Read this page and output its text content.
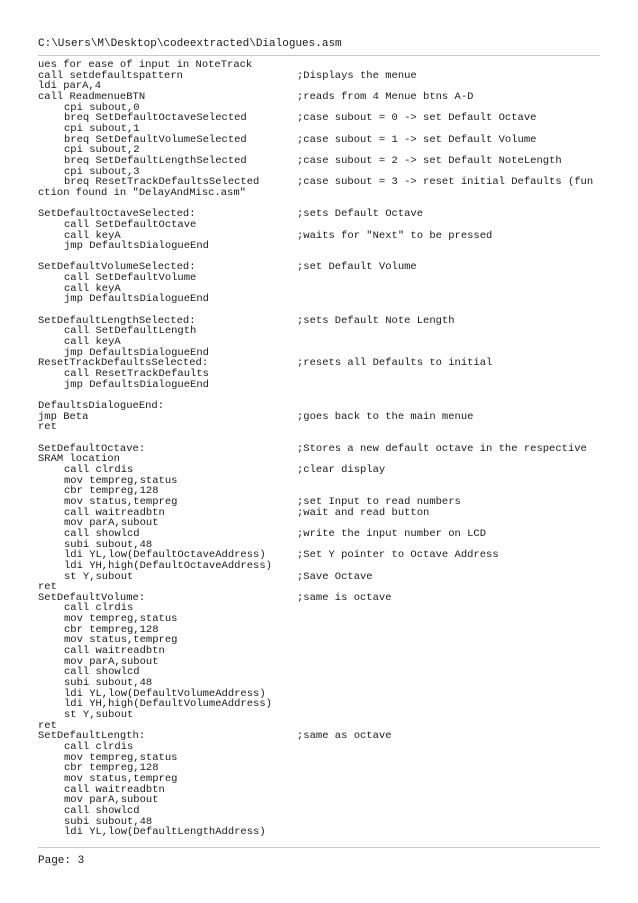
C:\Users\M\Desktop\codeextracted\Dialogues.asm
ues for ease of input in NoteTrack
call setdefaultspattern	;Displays the menue
ldi parA,4
call ReadmenueBTN	;reads from 4 Menue btns A-D
cpi subout,0
breq SetDefaultOctaveSelected	;case subout = 0 -> set Default Octave
cpi subout,1
breq SetDefaultVolumeSelected	;case subout = 1 -> set Default Volume
cpi subout,2
breq SetDefaultLengthSelected	;case subout = 2 -> set Default NoteLength
cpi subout,3
breq ResetTrackDefaultsSelected	;case subout = 3 -> reset initial Defaults (fun
ction found in "DelayAndMisc.asm"
SetDefaultOctaveSelected:	;sets Default Octave
call SetDefaultOctave
call keyA	;waits for "Next" to be pressed
jmp DefaultsDialogueEnd
SetDefaultVolumeSelected:	;set Default Volume
call SetDefaultVolume
call keyA
jmp DefaultsDialogueEnd
SetDefaultLengthSelected:	;sets Default Note Length
call SetDefaultLength
call keyA
jmp DefaultsDialogueEnd
ResetTrackDefaultsSelected:	;resets all Defaults to initial
call ResetTrackDefaults
jmp DefaultsDialogueEnd
DefaultsDialogueEnd:
jmp Beta	;goes back to the main menue
ret
SetDefaultOctave:	;Stores a new default octave in the respective
SRAM location
call clrdis	;clear display
mov tempreg,status
cbr tempreg,128
mov status,tempreg	;set Input to read numbers
call waitreadbtn	;wait and read button
mov parA,subout
call showlcd	;write the input number on LCD
subi subout,48
ldi YL,low(DefaultOctaveAddress)	;Set Y pointer to Octave Address
ldi YH,high(DefaultOctaveAddress)
st Y,subout	;Save Octave
ret
SetDefaultVolume:	;same is octave
call clrdis
mov tempreg,status
cbr tempreg,128
mov status,tempreg
call waitreadbtn
mov parA,subout
call showlcd
subi subout,48
ldi YL,low(DefaultVolumeAddress)
ldi YH,high(DefaultVolumeAddress)
st Y,subout
ret
SetDefaultLength:	;same as octave
call clrdis
mov tempreg,status
cbr tempreg,128
mov status,tempreg
call waitreadbtn
mov parA,subout
call showlcd
subi subout,48
ldi YL,low(DefaultLengthAddress)
Page: 3
